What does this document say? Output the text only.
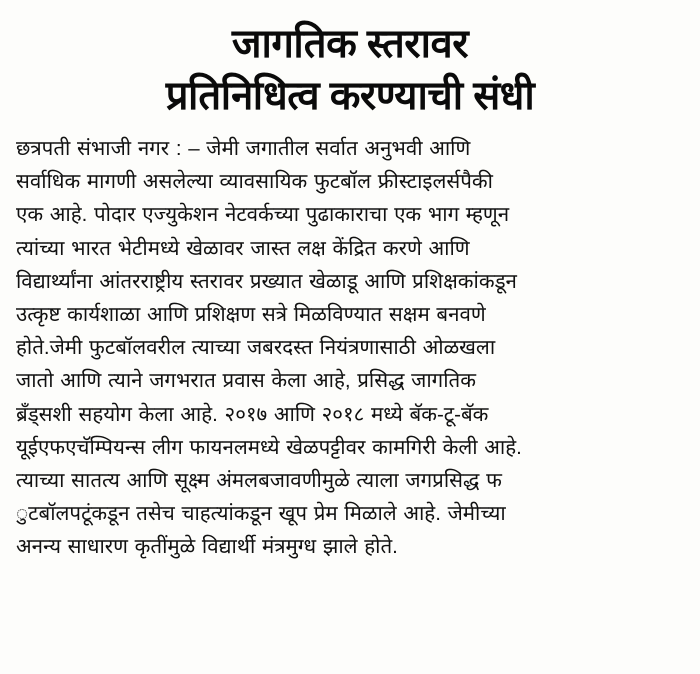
जागतिक स्तरावर
प्रतिनिधित्व करण्याची संधी

छत्रपती संभाजी नगर : – जेमी जगातील सर्वात अनुभवी आणि
सर्वाधिक मागणी असलेल्या व्यावसायिक फुटबॉल फ्रीस्टाइलर्सपैकी
एक आहे. पोदार एज्युकेशन नेटवर्कच्या पुढाकाराचा एक भाग म्हणून
त्यांच्या भारत भेटीमध्ये खेळावर जास्त लक्ष केंद्रित करणे आणि
विद्यार्थ्यांना आंतरराष्ट्रीय स्तरावर प्रख्यात खेळाडू आणि प्रशिक्षकांकडून
उत्कृष्ट कार्यशाळा आणि प्रशिक्षण सत्रे मिळविण्यात सक्षम बनवणे
होते.जेमी फुटबॉलवरील त्याच्या जबरदस्त नियंत्रणासाठी ओळखला
जातो आणि त्याने जगभरात प्रवास केला आहे, प्रसिद्ध जागतिक
ब्रँड्सशी सहयोग केला आहे. २०१७ आणि २०१८ मध्ये बॅक-टू-बॅक
यूईएफएचॅम्पियन्स लीग फायनलमध्ये खेळपट्टीवर कामगिरी केली आहे.
त्याच्या सातत्य आणि सूक्ष्म अंमलबजावणीमुळे त्याला जगप्रसिद्ध फ
ुटबॉलपटूंकडून तसेच चाहत्यांकडून खूप प्रेम मिळाले आहे. जेमीच्या
अनन्य साधारण कृतींमुळे विद्यार्थी मंत्रमुग्ध झाले होते.
